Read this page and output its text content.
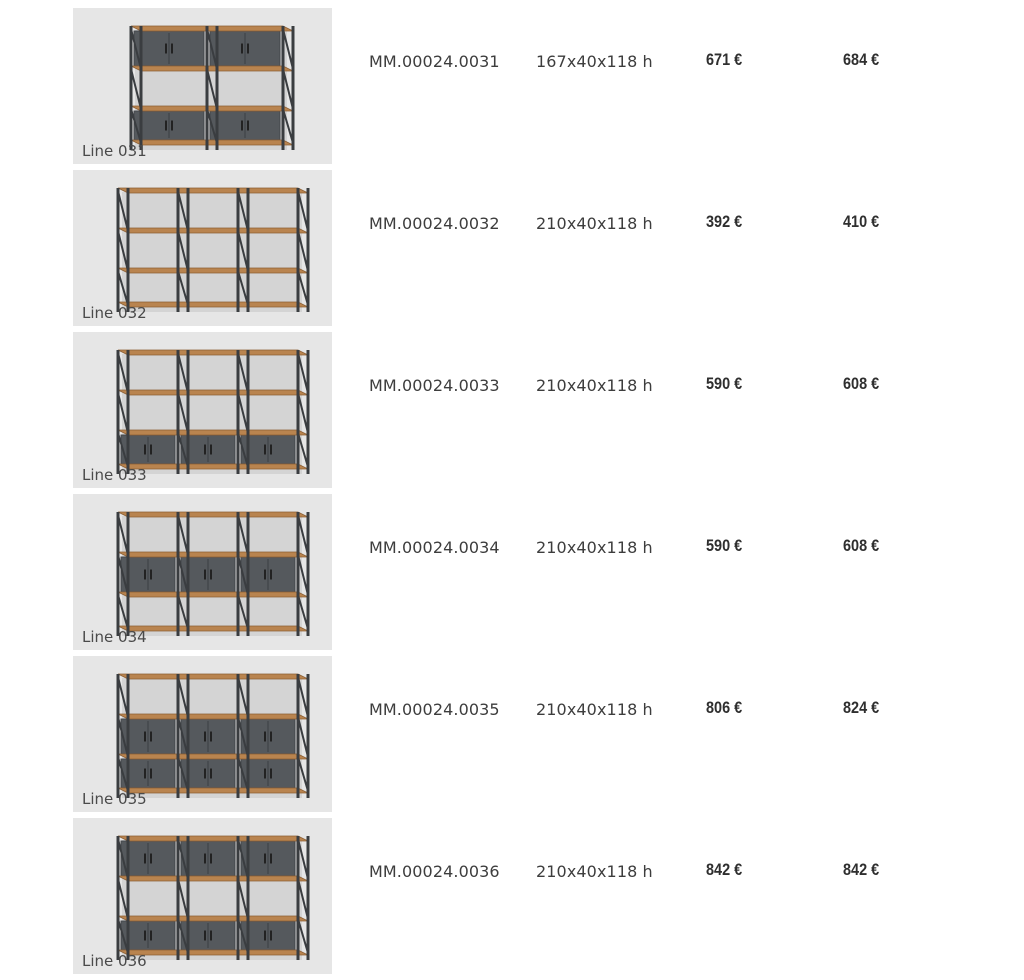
Line 031
MM.00024.0031 167x40x118 h	671 €	684 €
Line 032
MM.00024.0032 210x40x118 h	392 €	410 €
Line 033
MM.00024.0033 210x40x118 h	590 €	608 €
Line 034
MM.00024.0034 210x40x118 h	590 €	608 €
Line 035
MM.00024.0035 210x40x118 h	806 €	824 €
Line 036
MM.00024.0036 210x40x118 h	842 €	842 €
